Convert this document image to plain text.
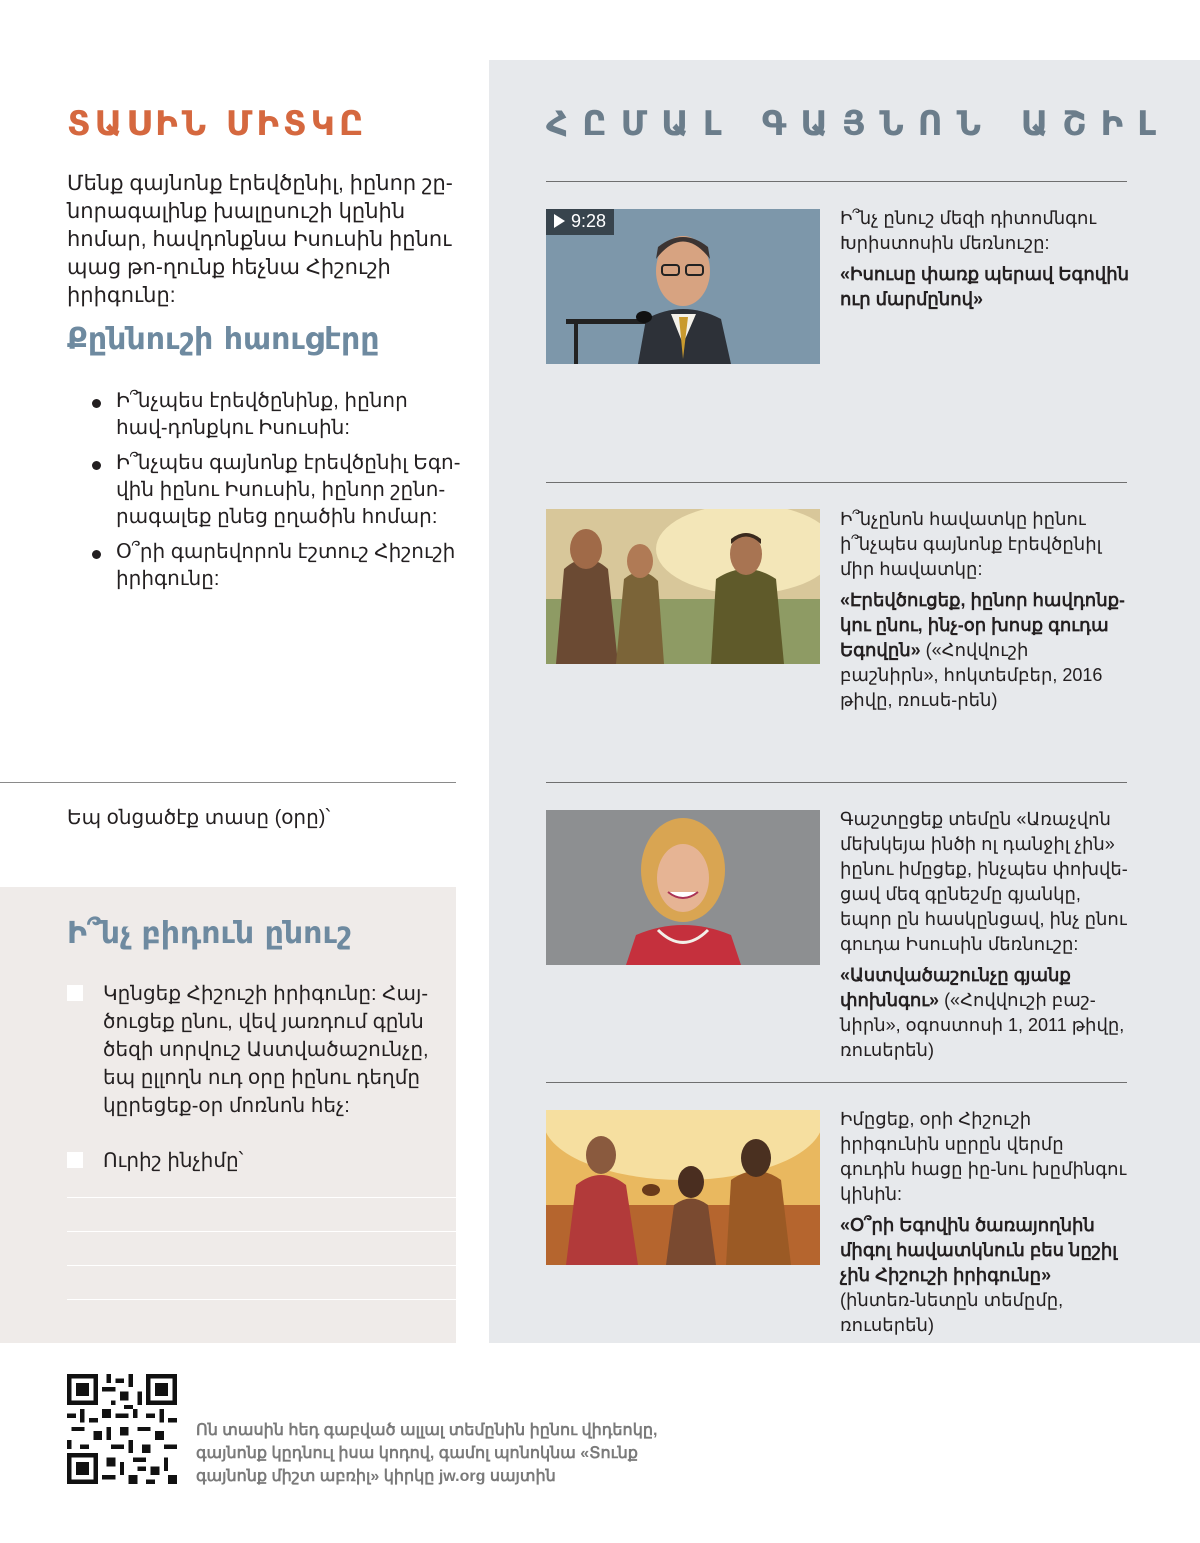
ՏԱՍԻՆ ՄԻՏԿԸ

Մենք գայնոնք էրեվծընիլ, իընոր շը-նորագալինք խալըսուշի կընին հոմար, հավդոնքնա Իսուսին իընու պաց թո-ղունք հեչնա Հիշուշի իրիգունը:

Քըննուշի հաուցէրը
Ի՞նչպես էրեվծընինք, իընոր հավ-դոնքկու Իսուսին:
Ի՞նչպես գայնոնք էրեվծընիլ Եգո-վին իընու Իսուսին, իընոր շընո-րագալեք ընեց ըղածին հոմար:
Օ՞րի գարեվորոն էշտուշ Հիշուշի իրիգունը:

Եպ օնցածէք տասը (օրը)՝

Ի՞նչ բիդուն ընուշ
Կընցեք Հիշուշի իրիգունը: Հայ-ծուցեք ընու, վեվ յառդում գընն ծեզի սորվուշ Աստվածաշունչը, եպ ըլլողն ուդ օրը իընու դեղմը կըրեցեք-օր մոռնոն հեչ:
Ուրիշ ինչիմը՝
ՀԸՄԱԼ ԳԱՅՆՈՆ ԱՇԻԼ
9:28	Ի՞նչ ընուշ մեզի դիտոմնգու Խրիստոսին մեռնուշը:

«Իսուսը փառք պերավ Եգովին ուր մարմընով»

Ի՞նչընոն հավատկը իընու ի՞նչպես գայնոնք էրեվծընիլ միր հավատկը:

«Էրեվծուցեք, իընոր հավդոնք-կու ընու, ինչ-օր խոսք գուդա Եգովըն» («Հովվուշի բաշնիրն», հոկտեմբեր, 2016 թիվը, ռուսե-րեն)

Գաշտըցեք տեմըն «Առաչվոն մեխկեյա ինծի ոլ դանջիլ չին» իընու իմըցեք, ինչպես փոխվե-ցավ մեզ գընեշմը գյանկը, եպոր ըն հասկընցավ, ինչ ընու գուդա Իսուսին մեռնուշը:

«Աստվածաշունչը գյանք փոխնգու» («Հովվուշի բաշ-նիրն», օգոստոսի 1, 2011 թիվը, ռուսերեն)

Իմըցեք, օրի Հիշուշի իրիգունին սըրըն վերմը գուդին հացը իը-նու խըմինգու կինին:

«Օ՞րի Եգովին ծառայողնին միգոլ հավատկնուն բես նըշիլ չին Հիշուշի իրիգունը» (ինտեռ-նետըն տեմըմը, ռուսերեն)

Ոն տասին հեդ գաբված ալլալ տեմընին իընու վիդեոկը, գայնոնք կըդնուլ իսա կոդով, գամոլ պոնոկնա «Տունք գայնոնք միշտ աբռիլ» կիրկը jw.org սայտին
